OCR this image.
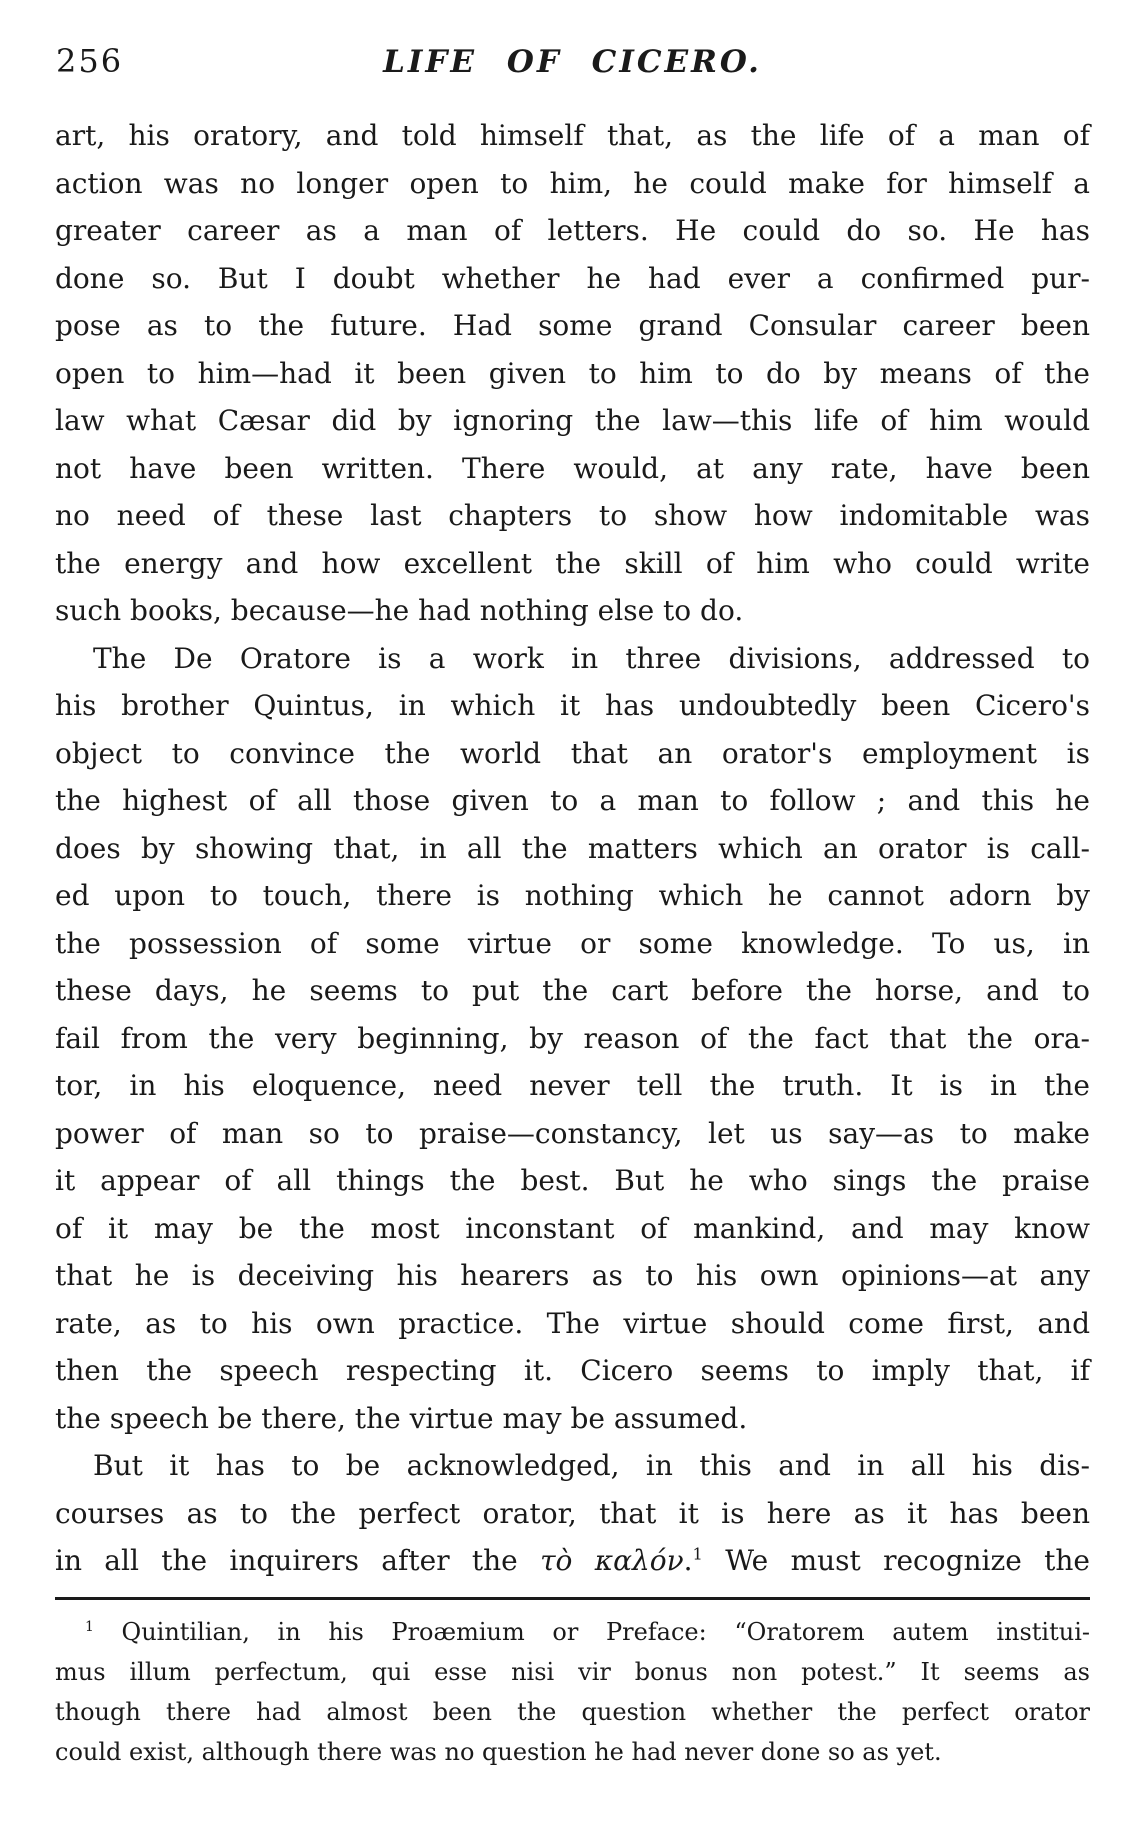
256	LIFE OF CICERO.
art, his oratory, and told himself that, as the life of a man of
action was no longer open to him, he could make for himself a
greater career as a man of letters. He could do so. He has
done so. But I doubt whether he had ever a confirmed pur-
pose as to the future. Had some grand Consular career been
open to him—had it been given to him to do by means of the
law what Cæsar did by ignoring the law—this life of him would
not have been written. There would, at any rate, have been
no need of these last chapters to show how indomitable was
the energy and how excellent the skill of him who could write
such books, because—he had nothing else to do.
The De Oratore is a work in three divisions, addressed to
his brother Quintus, in which it has undoubtedly been Cicero's
object to convince the world that an orator's employment is
the highest of all those given to a man to follow ; and this he
does by showing that, in all the matters which an orator is call-
ed upon to touch, there is nothing which he cannot adorn by
the possession of some virtue or some knowledge. To us, in
these days, he seems to put the cart before the horse, and to
fail from the very beginning, by reason of the fact that the ora-
tor, in his eloquence, need never tell the truth. It is in the
power of man so to praise—constancy, let us say—as to make
it appear of all things the best. But he who sings the praise
of it may be the most inconstant of mankind, and may know
that he is deceiving his hearers as to his own opinions—at any
rate, as to his own practice. The virtue should come first, and
then the speech respecting it. Cicero seems to imply that, if
the speech be there, the virtue may be assumed.
But it has to be acknowledged, in this and in all his dis-
courses as to the perfect orator, that it is here as it has been
in all the inquirers after the τὸ καλόν.$^1$ We must recognize the
$^1$ Quintilian, in his Proæmium or Preface: “Oratorem autem institui-
mus illum perfectum, qui esse nisi vir bonus non potest.” It seems as
though there had almost been the question whether the perfect orator
could exist, although there was no question he had never done so as yet.
